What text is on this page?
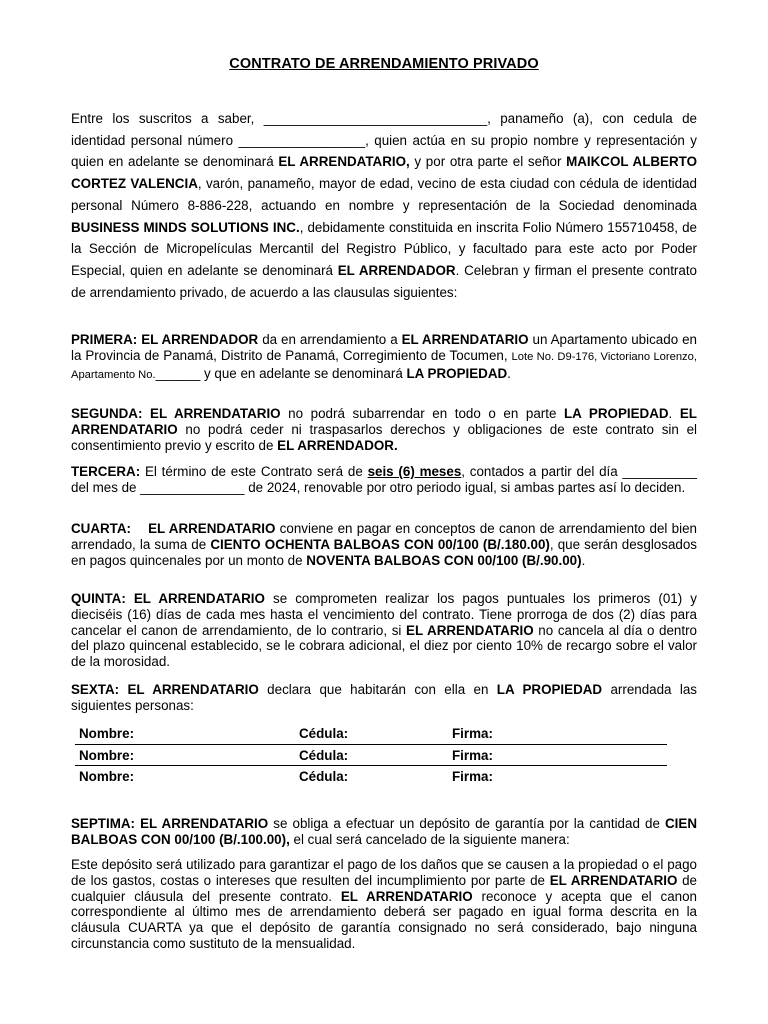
CONTRATO DE ARRENDAMIENTO PRIVADO

Entre los suscritos a saber, ______________________________, panameño (a), con cedula de identidad personal número _________________, quien actúa en su propio nombre y representación y quien en adelante se denominará EL ARRENDATARIO, y por otra parte el señor MAIKCOL ALBERTO CORTEZ VALENCIA, varón, panameño, mayor de edad, vecino de esta ciudad con cédula de identidad personal Número 8-886-228, actuando en nombre y representación de la Sociedad denominada BUSINESS MINDS SOLUTIONS INC., debidamente constituida en inscrita Folio Número 155710458, de la Sección de Micropelículas Mercantil del Registro Público, y facultado para este acto por Poder Especial, quien en adelante se denominará EL ARRENDADOR. Celebran y firman el presente contrato de arrendamiento privado, de acuerdo a las clausulas siguientes:

PRIMERA: EL ARRENDADOR da en arrendamiento a EL ARRENDATARIO un Apartamento ubicado en la Provincia de Panamá, Distrito de Panamá, Corregimiento de Tocumen, Lote No. D9-176, Victoriano Lorenzo, Apartamento No.______ y que en adelante se denominará LA PROPIEDAD.

SEGUNDA: EL ARRENDATARIO no podrá subarrendar en todo o en parte LA PROPIEDAD. EL ARRENDATARIO no podrá ceder ni traspasarlos derechos y obligaciones de este contrato sin el consentimiento previo y escrito de EL ARRENDADOR.

TERCERA: El término de este Contrato será de seis (6) meses, contados a partir del día __________ del mes de ______________ de 2024, renovable por otro periodo igual, si ambas partes así lo deciden.

CUARTA: EL ARRENDATARIO conviene en pagar en conceptos de canon de arrendamiento del bien arrendado, la suma de CIENTO OCHENTA BALBOAS CON 00/100 (B/.180.00), que serán desglosados en pagos quincenales por un monto de NOVENTA BALBOAS CON 00/100 (B/.90.00).

QUINTA: EL ARRENDATARIO se comprometen realizar los pagos puntuales los primeros (01) y dieciséis (16) días de cada mes hasta el vencimiento del contrato. Tiene prorroga de dos (2) días para cancelar el canon de arrendamiento, de lo contrario, si EL ARRENDATARIO no cancela al día o dentro del plazo quincenal establecido, se le cobrara adicional, el diez por ciento 10% de recargo sobre el valor de la morosidad.

SEXTA: EL ARRENDATARIO declara que habitarán con ella en LA PROPIEDAD arrendada las siguientes personas:

Nombre:	Cédula:	Firma:
Nombre:	Cédula:	Firma:
Nombre:	Cédula:	Firma:

SEPTIMA: EL ARRENDATARIO se obliga a efectuar un depósito de garantía por la cantidad de CIEN BALBOAS CON 00/100 (B/.100.00), el cual será cancelado de la siguiente manera:

Este depósito será utilizado para garantizar el pago de los daños que se causen a la propiedad o el pago de los gastos, costas o intereses que resulten del incumplimiento por parte de EL ARRENDATARIO de cualquier cláusula del presente contrato. EL ARRENDATARIO reconoce y acepta que el canon correspondiente al último mes de arrendamiento deberá ser pagado en igual forma descrita en la cláusula CUARTA ya que el depósito de garantía consignado no será considerado, bajo ninguna circunstancia como sustituto de la mensualidad.
